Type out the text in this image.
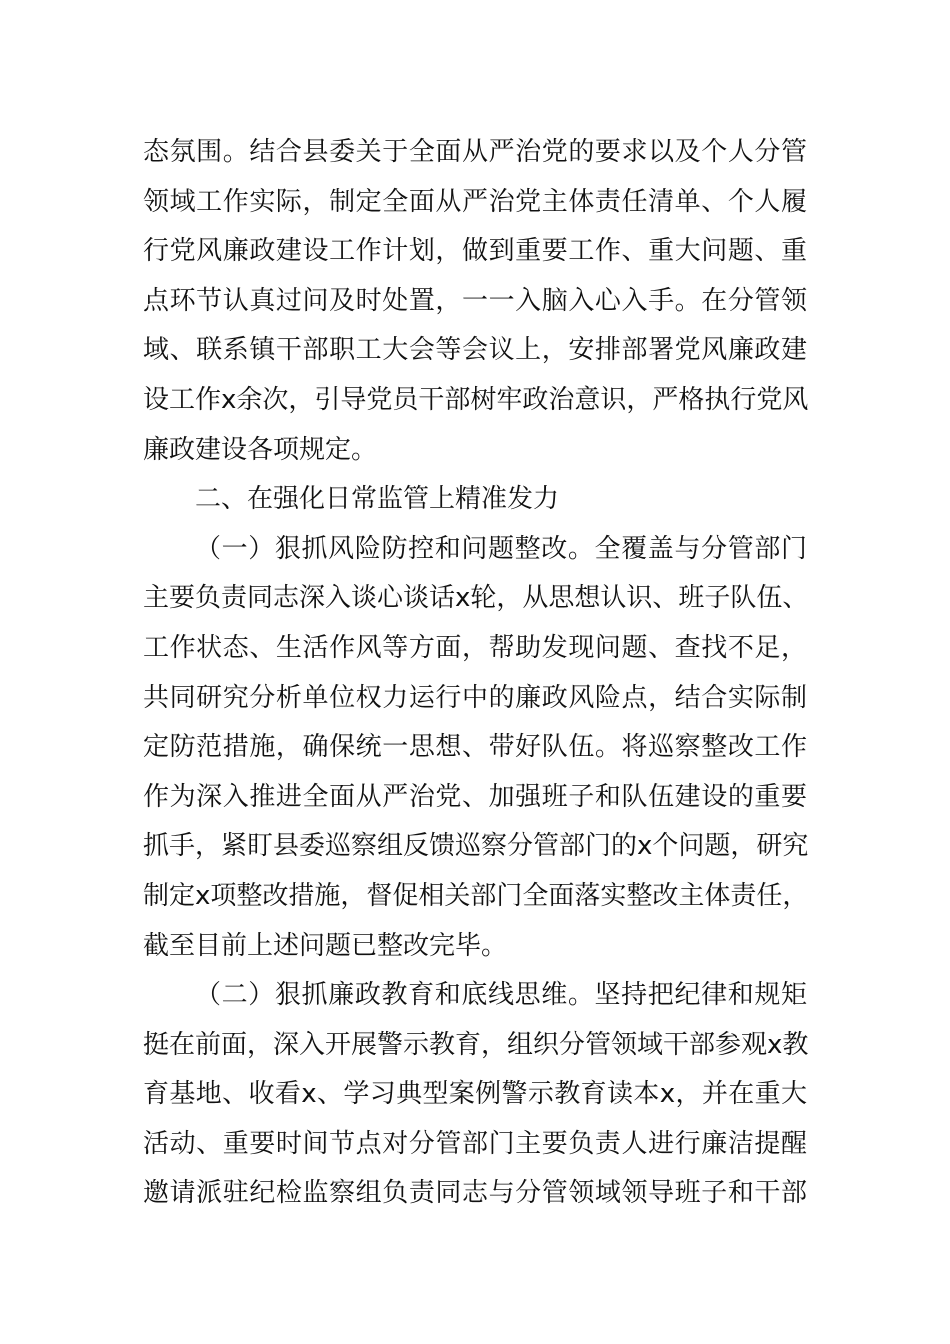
态氛围。结合县委关于全面从严治党的要求以及个人分管
领域工作实际，制定全面从严治党主体责任清单、个人履
行党风廉政建设工作计划，做到重要工作、重大问题、重
点环节认真过问及时处置，一一入脑入心入手。在分管领
域、联系镇干部职工大会等会议上，安排部署党风廉政建
设工作x余次，引导党员干部树牢政治意识，严格执行党风
廉政建设各项规定。
二、在强化日常监管上精准发力
（一）狠抓风险防控和问题整改。全覆盖与分管部门
主要负责同志深入谈心谈话x轮，从思想认识、班子队伍、
工作状态、生活作风等方面，帮助发现问题、查找不足，
共同研究分析单位权力运行中的廉政风险点，结合实际制
定防范措施，确保统一思想、带好队伍。将巡察整改工作
作为深入推进全面从严治党、加强班子和队伍建设的重要
抓手，紧盯县委巡察组反馈巡察分管部门的x个问题，研究
制定x项整改措施，督促相关部门全面落实整改主体责任，
截至目前上述问题已整改完毕。
（二）狠抓廉政教育和底线思维。坚持把纪律和规矩
挺在前面，深入开展警示教育，组织分管领域干部参观x教
育基地、收看x、学习典型案例警示教育读本x，并在重大
活动、重要时间节点对分管部门主要负责人进行廉洁提醒
邀请派驻纪检监察组负责同志与分管领域领导班子和干部
